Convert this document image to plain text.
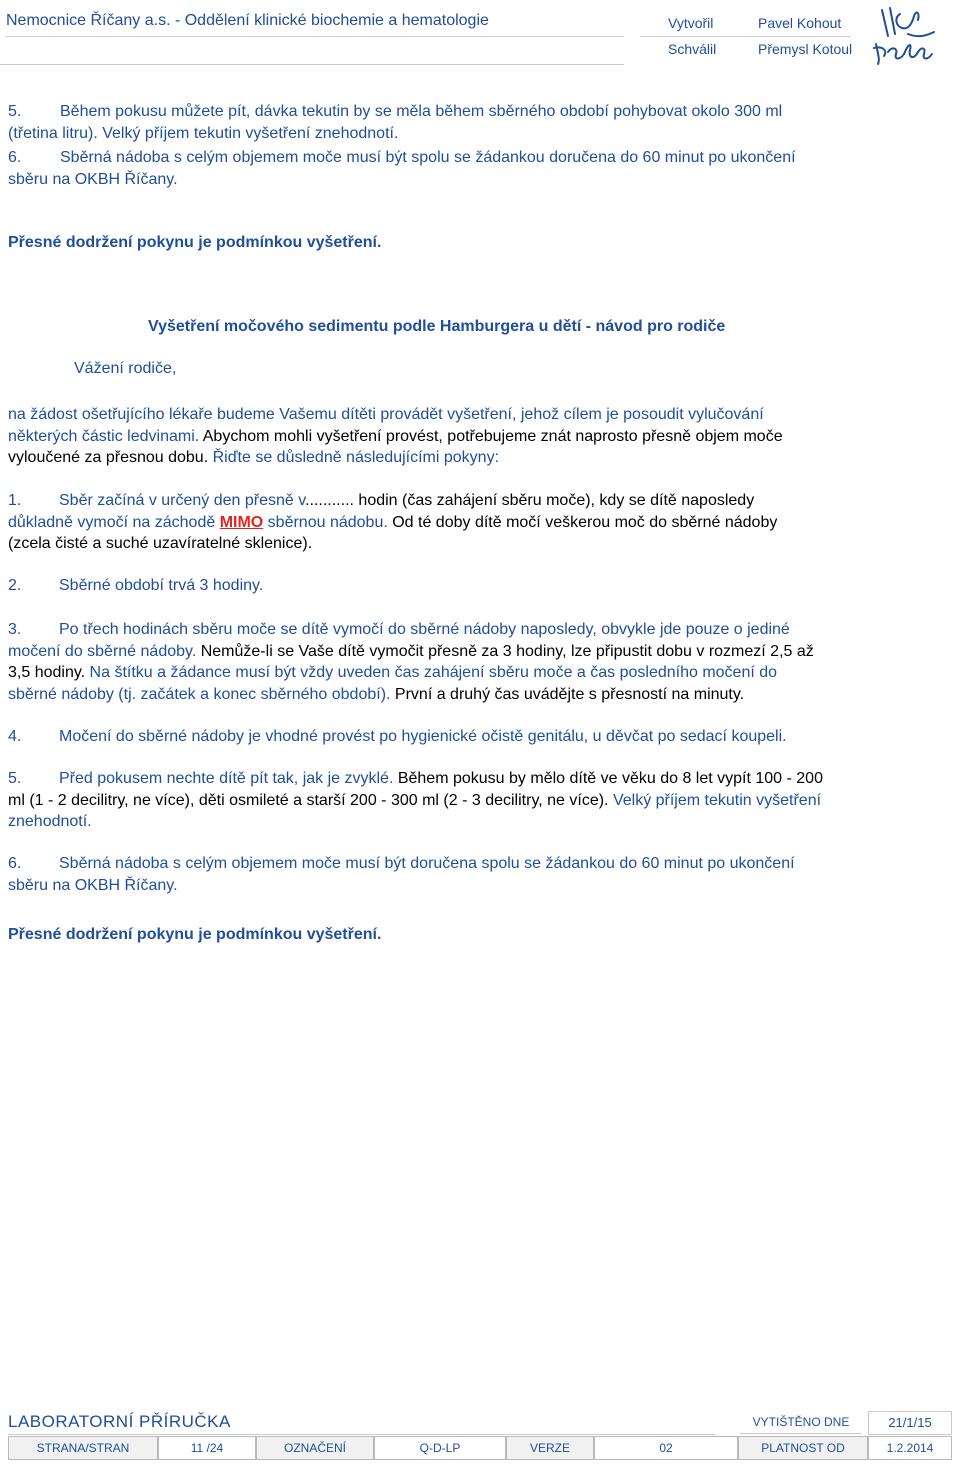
Nemocnice Říčany a.s. - Oddělení klinické biochemie a hematologie	Vytvořil	Pavel Kohout
Schválil	Přemysl Kotoul

5. Během pokusu můžete pít, dávka tekutin by se měla během sběrného období pohybovat okolo 300 ml

(třetina litru). Velký příjem tekutin vyšetření znehodnotí.

6. Sběrná nádoba s celým objemem moče musí být spolu se žádankou doručena do 60 minut po ukončení

sběru na OKBH Říčany.

Přesné dodržení pokynu je podmínkou vyšetření.
Vyšetření močového sedimentu podle Hamburgera u dětí - návod pro rodiče
Vážení rodiče,

na žádost ošetřujícího lékaře budeme Vašemu dítěti provádět vyšetření, jehož cílem je posoudit vylučování

některých částic ledvinami. Abychom mohli vyšetření provést, potřebujeme znát naprosto přesně objem moče

vyloučené za přesnou dobu. Řiďte se důsledně následujícími pokyny:

1. Sběr začíná v určený den přesně v........... hodin (čas zahájení sběru moče), kdy se dítě naposledy

důkladně vymočí na záchodě MIMO sběrnou nádobu. Od té doby dítě močí veškerou moč do sběrné nádoby

(zcela čisté a suché uzavíratelné sklenice).

2. Sběrné období trvá 3 hodiny.

3. Po třech hodinách sběru moče se dítě vymočí do sběrné nádoby naposledy, obvykle jde pouze o jediné

močení do sběrné nádoby. Nemůže-li se Vaše dítě vymočit přesně za 3 hodiny, lze připustit dobu v rozmezí 2,5 až

3,5 hodiny. Na štítku a žádance musí být vždy uveden čas zahájení sběru moče a čas posledního močení do

sběrné nádoby (tj. začátek a konec sběrného období). První a druhý čas uvádějte s přesností na minuty.

4. Močení do sběrné nádoby je vhodné provést po hygienické očistě genitálu, u děvčat po sedací koupeli.

5. Před pokusem nechte dítě pít tak, jak je zvyklé. Během pokusu by mělo dítě ve věku do 8 let vypít 100 - 200

ml (1 - 2 decilitry, ne více), děti osmileté a starší 200 - 300 ml (2 - 3 decilitry, ne více). Velký příjem tekutin vyšetření

znehodnotí.

6. Sběrná nádoba s celým objemem moče musí být doručena spolu se žádankou do 60 minut po ukončení

sběru na OKBH Říčany.

Přesné dodržení pokynu je podmínkou vyšetření.
LABORATORNÍ PŘÍRUČKA	VYTIŠTĚNO DNE	21/1/15
STRANA/STRAN	11 /24	OZNAČENÍ	Q-D-LP	VERZE	02	PLATNOST OD	1.2.2014
